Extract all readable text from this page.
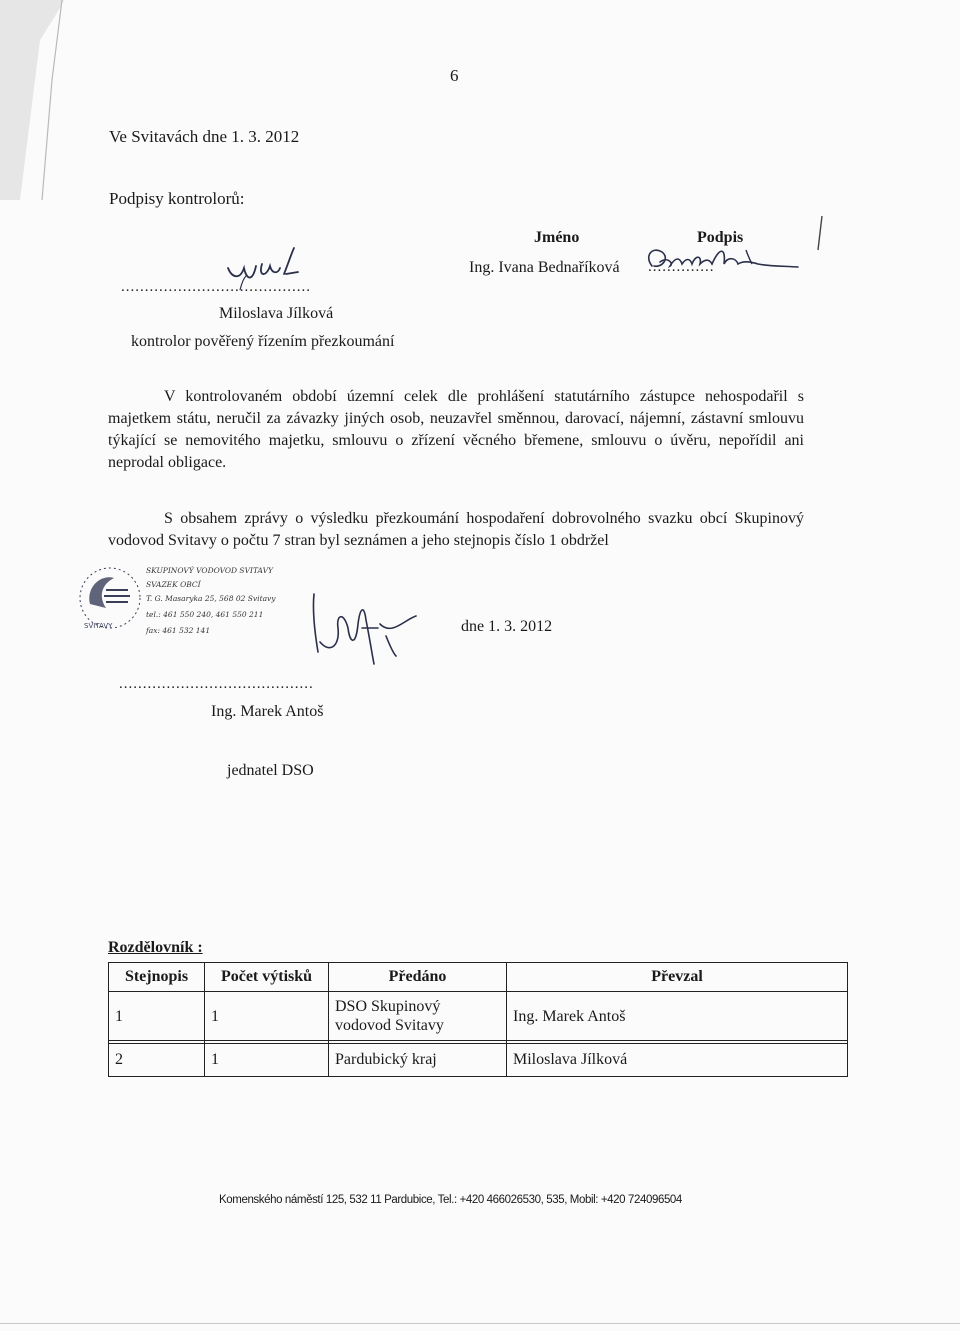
6
Ve Svitavách dne 1. 3. 2012
Podpisy kontrolorů:
Jméno	Podpis
Ing. Ivana Bednaříková ..............
........................................
Miloslava Jílková
kontrolor pověřený řízením přezkoumání

V kontrolovaném období územní celek dle prohlášení statutárního zástupce nehospodařil s majetkem státu, neručil za závazky jiných osob, neuzavřel směnnou, darovací, nájemní, zástavní smlouvu týkající se nemovitého majetku, smlouvu o zřízení věcného břemene, smlouvu o úvěru, nepořídil ani neprodal obligace.

S obsahem zprávy o výsledku přezkoumání hospodaření dobrovolného svazku obcí Skupinový vodovod Svitavy o počtu 7 stran byl seznámen a jeho stejnopis číslo 1 obdržel

SVITAVY
SKUPINOVÝ VODOVOD SVITAVY
SVAZEK OBCÍ
T. G. Masaryka 25, 568 02 Svitavy
tel.: 461 550 240, 461 550 211
fax: 461 532 141	dne 1. 3. 2012
.........................................
Ing. Marek Antoš
jednatel DSO
Rozdělovník :
Stejnopis	Počet výtisků	Předáno	Převzal
1	1	DSO Skupinový vodovod Svitavy	Ing. Marek Antoš

2	1	Pardubický kraj	Miloslava Jílková
Komenského náměstí 125, 532 11 Pardubice, Tel.: +420 466026530, 535, Mobil: +420 724096504
